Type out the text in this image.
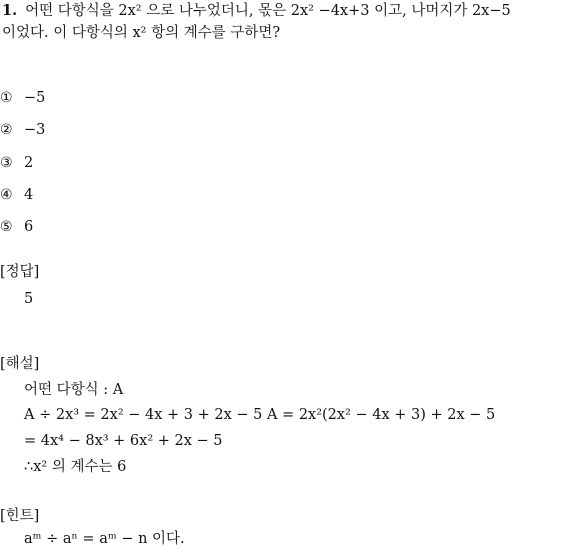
1. 어떤 다항식을 2x² 으로 나누었더니, 몫은 2x² −4x+3 이고, 나머지가 2x−5
이었다. 이 다항식의 x² 항의 계수를 구하면?
① −5
② −3
③ 2
④ 4
⑤ 6
[정답]
5
[해설]
어떤 다항식 : A
A ÷ 2x³ = 2x² − 4x + 3 + 2x − 5 A = 2x²(2x² − 4x + 3) + 2x − 5
= 4x⁴ − 8x³ + 6x² + 2x − 5
∴x² 의 계수는 6
[힌트]
aᵐ ÷ aⁿ = aᵐ − n 이다.
